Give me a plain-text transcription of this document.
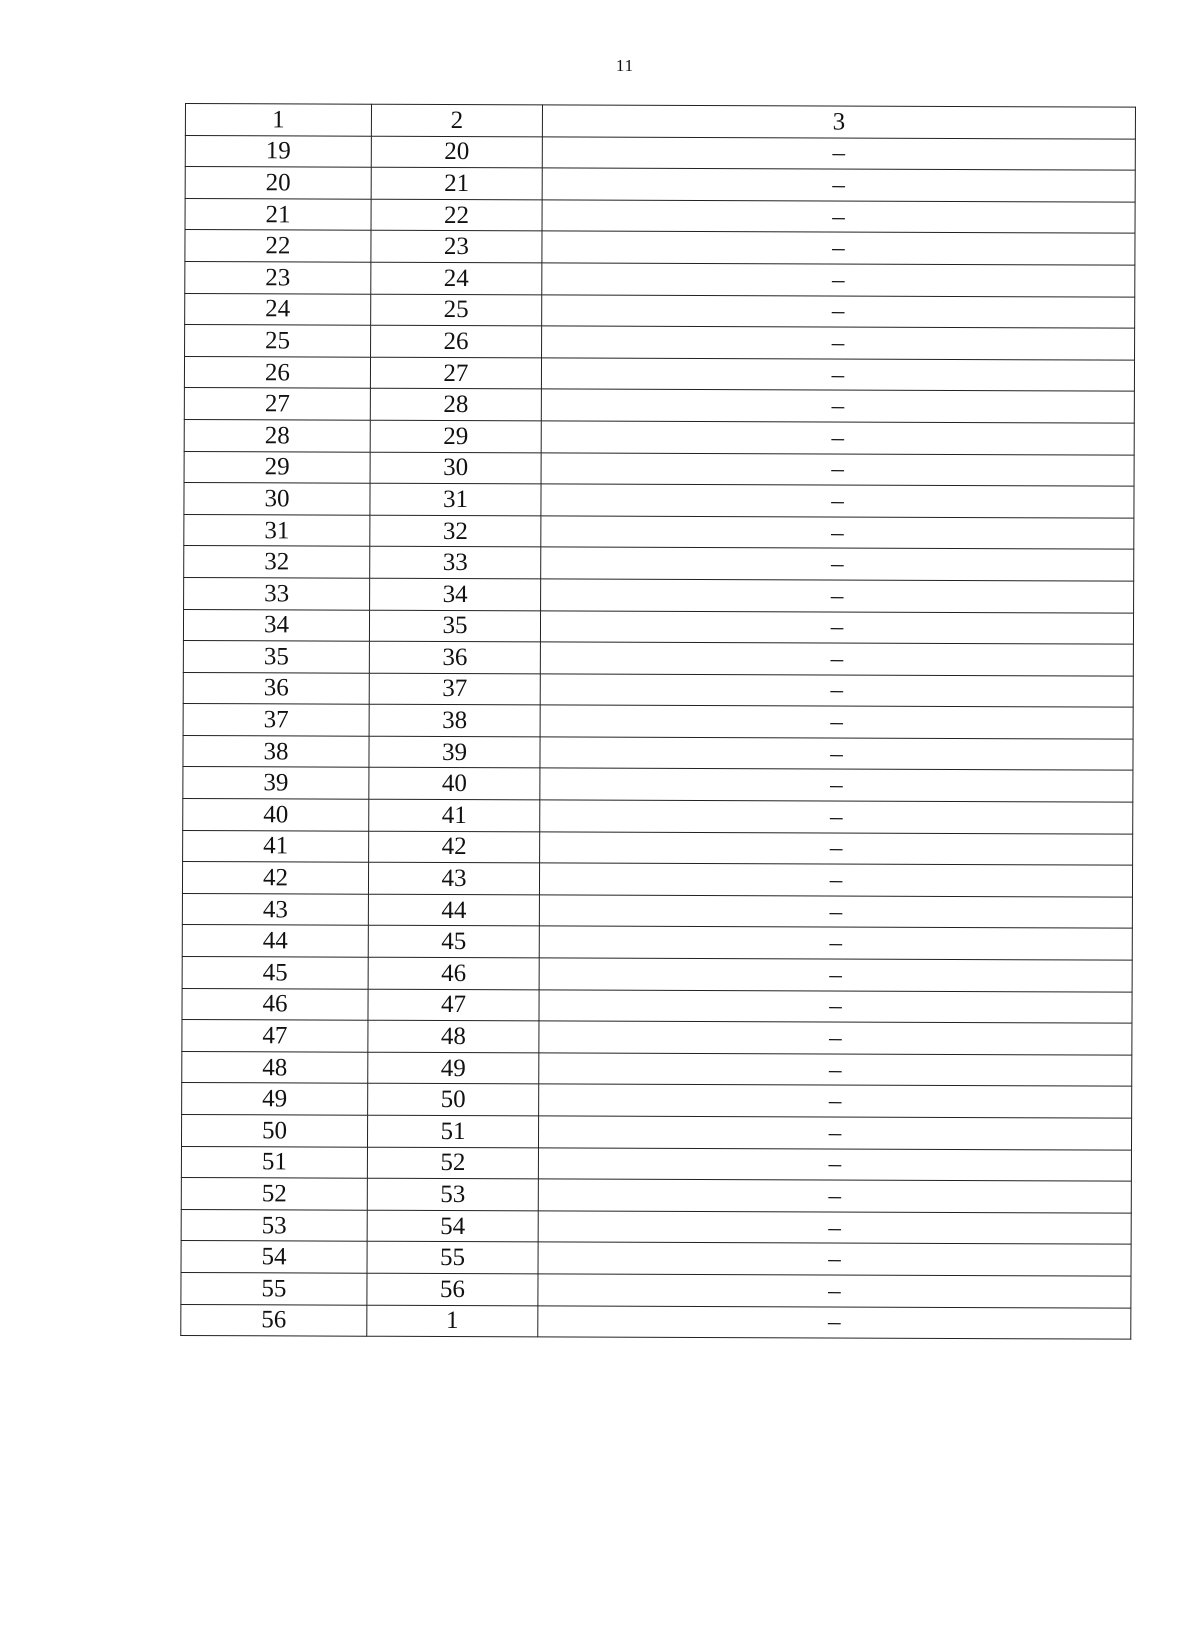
11
1	2	3
19	20	–
20	21	–
21	22	–
22	23	–
23	24	–
24	25	–
25	26	–
26	27	–
27	28	–
28	29	–
29	30	–
30	31	–
31	32	–
32	33	–
33	34	–
34	35	–
35	36	–
36	37	–
37	38	–
38	39	–
39	40	–
40	41	–
41	42	–
42	43	–
43	44	–
44	45	–
45	46	–
46	47	–
47	48	–
48	49	–
49	50	–
50	51	–
51	52	–
52	53	–
53	54	–
54	55	–
55	56	–
56	1	–
